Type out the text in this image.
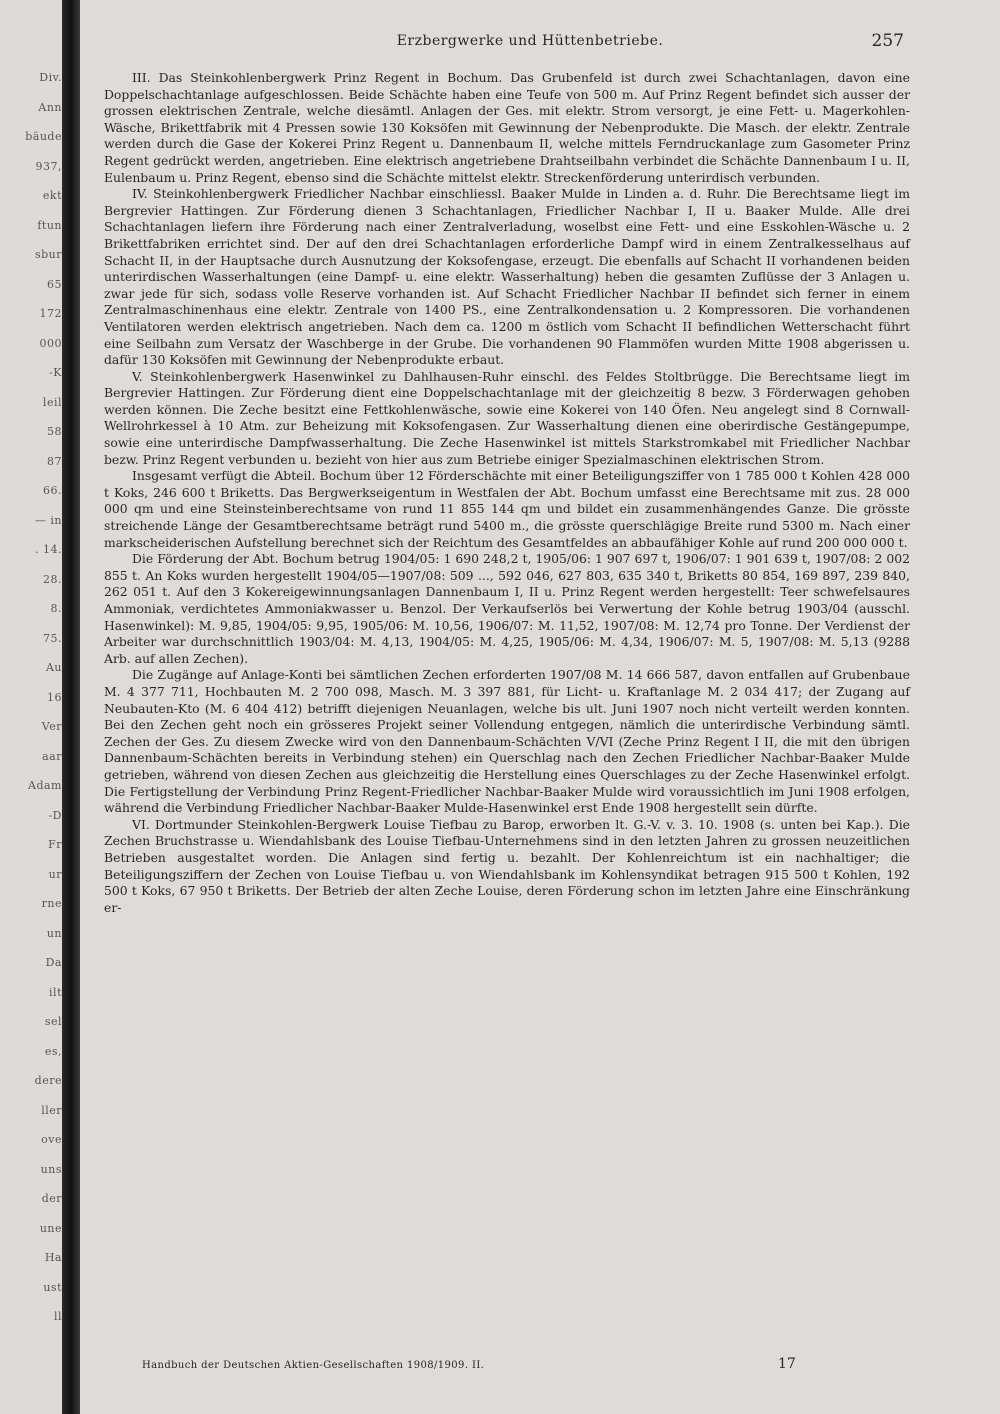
Div.
Ann
bäude
937,
ekt
ftun
sbur
65
172
000
-K
leil
58
87
66.
— in
. 14.
28.
8.
75.
Au
16
Ver
aar
Adam
-D
Fr
ur
rne
un
Da
ilt
sel
es,
dere
ller
ove
uns
der
une
Ha
ust
ll
Erzbergwerke und Hüttenbetriebe.	257

III. Das Steinkohlenbergwerk Prinz Regent in Bochum. Das Grubenfeld ist durch zwei Schachtanlagen, davon eine Doppelschachtanlage aufgeschlossen. Beide Schächte haben eine Teufe von 500 m. Auf Prinz Regent befindet sich ausser der grossen elektrischen Zentrale, welche diesämtl. Anlagen der Ges. mit elektr. Strom versorgt, je eine Fett- u. Magerkohlen-Wäsche, Brikettfabrik mit 4 Pressen sowie 130 Koksöfen mit Gewinnung der Nebenprodukte. Die Masch. der elektr. Zentrale werden durch die Gase der Kokerei Prinz Regent u. Dannenbaum II, welche mittels Ferndruckanlage zum Gasometer Prinz Regent gedrückt werden, angetrieben. Eine elektrisch angetriebene Drahtseilbahn verbindet die Schächte Dannenbaum I u. II, Eulenbaum u. Prinz Regent, ebenso sind die Schächte mittelst elektr. Streckenförderung unterirdisch verbunden.

IV. Steinkohlenbergwerk Friedlicher Nachbar einschliessl. Baaker Mulde in Linden a. d. Ruhr. Die Berechtsame liegt im Bergrevier Hattingen. Zur Förderung dienen 3 Schachtanlagen, Friedlicher Nachbar I, II u. Baaker Mulde. Alle drei Schachtanlagen liefern ihre Förderung nach einer Zentralverladung, woselbst eine Fett- und eine Esskohlen-Wäsche u. 2 Brikettfabriken errichtet sind. Der auf den drei Schachtanlagen erforderliche Dampf wird in einem Zentralkesselhaus auf Schacht II, in der Hauptsache durch Ausnutzung der Koksofengase, erzeugt. Die ebenfalls auf Schacht II vorhandenen beiden unterirdischen Wasserhaltungen (eine Dampf- u. eine elektr. Wasserhaltung) heben die gesamten Zuflüsse der 3 Anlagen u. zwar jede für sich, sodass volle Reserve vorhanden ist. Auf Schacht Friedlicher Nachbar II befindet sich ferner in einem Zentralmaschinenhaus eine elektr. Zentrale von 1400 PS., eine Zentralkondensation u. 2 Kompressoren. Die vorhandenen Ventilatoren werden elektrisch angetrieben. Nach dem ca. 1200 m östlich vom Schacht II befindlichen Wetterschacht führt eine Seilbahn zum Versatz der Waschberge in der Grube. Die vorhandenen 90 Flammöfen wurden Mitte 1908 abgerissen u. dafür 130 Koksöfen mit Gewinnung der Nebenprodukte erbaut.

V. Steinkohlenbergwerk Hasenwinkel zu Dahlhausen-Ruhr einschl. des Feldes Stoltbrügge. Die Berechtsame liegt im Bergrevier Hattingen. Zur Förderung dient eine Doppelschachtanlage mit der gleichzeitig 8 bezw. 3 Förderwagen gehoben werden können. Die Zeche besitzt eine Fettkohlenwäsche, sowie eine Kokerei von 140 Öfen. Neu angelegt sind 8 Cornwall-Wellrohrkessel à 10 Atm. zur Beheizung mit Koksofengasen. Zur Wasserhaltung dienen eine oberirdische Gestängepumpe, sowie eine unterirdische Dampfwasserhaltung. Die Zeche Hasenwinkel ist mittels Starkstromkabel mit Friedlicher Nachbar bezw. Prinz Regent verbunden u. bezieht von hier aus zum Betriebe einiger Spezialmaschinen elektrischen Strom.

Insgesamt verfügt die Abteil. Bochum über 12 Förderschächte mit einer Beteiligungsziffer von 1 785 000 t Kohlen 428 000 t Koks, 246 600 t Briketts. Das Bergwerkseigentum in Westfalen der Abt. Bochum umfasst eine Berechtsame mit zus. 28 000 000 qm und eine Steinsteinberechtsame von rund 11 855 144 qm und bildet ein zusammenhängendes Ganze. Die grösste streichende Länge der Gesamtberechtsame beträgt rund 5400 m., die grösste querschlägige Breite rund 5300 m. Nach einer markscheiderischen Aufstellung berechnet sich der Reichtum des Gesamtfeldes an abbaufähiger Kohle auf rund 200 000 000 t.

Die Förderung der Abt. Bochum betrug 1904/05: 1 690 248,2 t, 1905/06: 1 907 697 t, 1906/07: 1 901 639 t, 1907/08: 2 002 855 t. An Koks wurden hergestellt 1904/05—1907/08: 509 ..., 592 046, 627 803, 635 340 t, Briketts 80 854, 169 897, 239 840, 262 051 t. Auf den 3 Kokereigewinnungsanlagen Dannenbaum I, II u. Prinz Regent werden hergestellt: Teer schwefelsaures Ammoniak, verdichtetes Ammoniakwasser u. Benzol. Der Verkaufserlös bei Verwertung der Kohle betrug 1903/04 (ausschl. Hasenwinkel): M. 9,85, 1904/05: 9,95, 1905/06: M. 10,56, 1906/07: M. 11,52, 1907/08: M. 12,74 pro Tonne. Der Verdienst der Arbeiter war durchschnittlich 1903/04: M. 4,13, 1904/05: M. 4,25, 1905/06: M. 4,34, 1906/07: M. 5, 1907/08: M. 5,13 (9288 Arb. auf allen Zechen).

Die Zugänge auf Anlage-Konti bei sämtlichen Zechen erforderten 1907/08 M. 14 666 587, davon entfallen auf Grubenbaue M. 4 377 711, Hochbauten M. 2 700 098, Masch. M. 3 397 881, für Licht- u. Kraftanlage M. 2 034 417; der Zugang auf Neubauten-Kto (M. 6 404 412) betrifft diejenigen Neuanlagen, welche bis ult. Juni 1907 noch nicht verteilt werden konnten. Bei den Zechen geht noch ein grösseres Projekt seiner Vollendung entgegen, nämlich die unterirdische Verbindung sämtl. Zechen der Ges. Zu diesem Zwecke wird von den Dannenbaum-Schächten V/VI (Zeche Prinz Regent I II, die mit den übrigen Dannenbaum-Schächten bereits in Verbindung stehen) ein Querschlag nach den Zechen Friedlicher Nachbar-Baaker Mulde getrieben, während von diesen Zechen aus gleichzeitig die Herstellung eines Querschlages zu der Zeche Hasenwinkel erfolgt. Die Fertigstellung der Verbindung Prinz Regent-Friedlicher Nachbar-Baaker Mulde wird voraussichtlich im Juni 1908 erfolgen, während die Verbindung Friedlicher Nachbar-Baaker Mulde-Hasenwinkel erst Ende 1908 hergestellt sein dürfte.

VI. Dortmunder Steinkohlen-Bergwerk Louise Tiefbau zu Barop, erworben lt. G.-V. v. 3. 10. 1908 (s. unten bei Kap.). Die Zechen Bruchstrasse u. Wiendahlsbank des Louise Tiefbau-Unternehmens sind in den letzten Jahren zu grossen neuzeitlichen Betrieben ausgestaltet worden. Die Anlagen sind fertig u. bezahlt. Der Kohlenreichtum ist ein nachhaltiger; die Beteiligungsziffern der Zechen von Louise Tiefbau u. von Wiendahlsbank im Kohlensyndikat betragen 915 500 t Kohlen, 192 500 t Koks, 67 950 t Briketts. Der Betrieb der alten Zeche Louise, deren Förderung schon im letzten Jahre eine Einschränkung er-

Handbuch der Deutschen Aktien-Gesellschaften 1908/1909. II.	17
